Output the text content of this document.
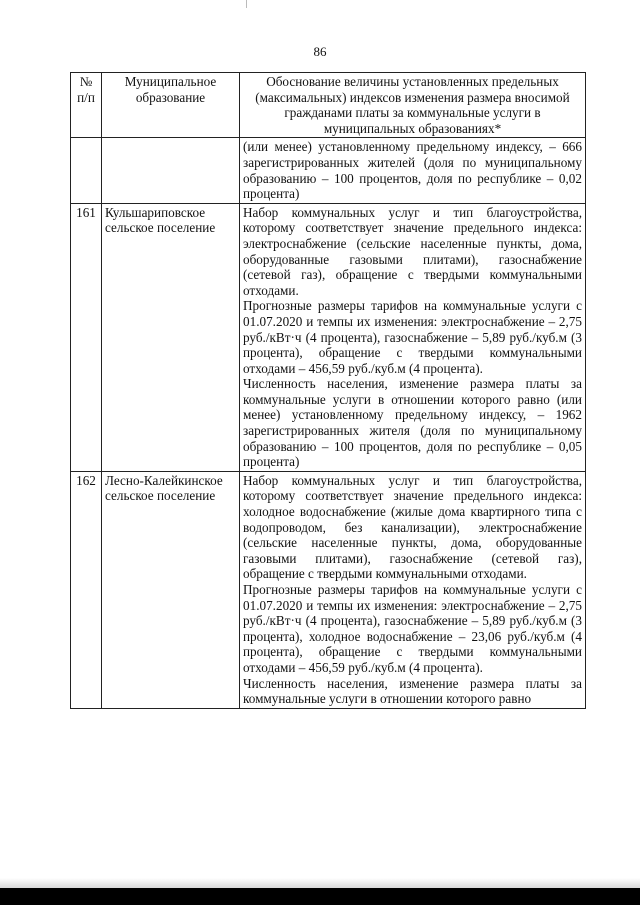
86
№ п/п	Муниципальное образование	Обоснование величины установленных предельных (максимальных) индексов изменения размера вносимой гражданами платы за коммунальные услуги в муниципальных образованиях*

		(или менее) установленному предельному индексу, – 666 зарегистрированных жителей (доля по муниципальному образованию – 100 процентов, доля по республике – 0,02 процента)

161	Кульшариповское сельское поселение	Набор коммунальных услуг и тип благоустройства, которому соответствует значение предельного индекса: электроснабжение (сельские населенные пункты, дома, оборудованные газовыми плитами), газоснабжение (сетевой газ), обращение с твердыми коммунальными отходами.

Прогнозные размеры тарифов на коммунальные услуги с 01.07.2020 и темпы их изменения: электроснабжение – 2,75 руб./кВт·ч (4 процента), газоснабжение – 5,89 руб./куб.м (3 процента), обращение с твердыми коммунальными отходами – 456,59 руб./куб.м (4 процента).

Численность населения, изменение размера платы за коммунальные услуги в отношении которого равно (или менее) установленному предельному индексу, – 1962 зарегистрированных жителя (доля по муниципальному образованию – 100 процентов, доля по республике – 0,05 процента)

162	Лесно-Калейкинское сельское поселение	Набор коммунальных услуг и тип благоустройства, которому соответствует значение предельного индекса: холодное водоснабжение (жилые дома квартирного типа с водопроводом, без канализации), электроснабжение (сельские населенные пункты, дома, оборудованные газовыми плитами), газоснабжение (сетевой газ), обращение с твердыми коммунальными отходами.

Прогнозные размеры тарифов на коммунальные услуги с 01.07.2020 и темпы их изменения: электроснабжение – 2,75 руб./кВт·ч (4 процента), газоснабжение – 5,89 руб./куб.м (3 процента), холодное водоснабжение – 23,06 руб./куб.м (4 процента), обращение с твердыми коммунальными отходами – 456,59 руб./куб.м (4 процента).

Численность населения, изменение размера платы за коммунальные услуги в отношении которого равно
